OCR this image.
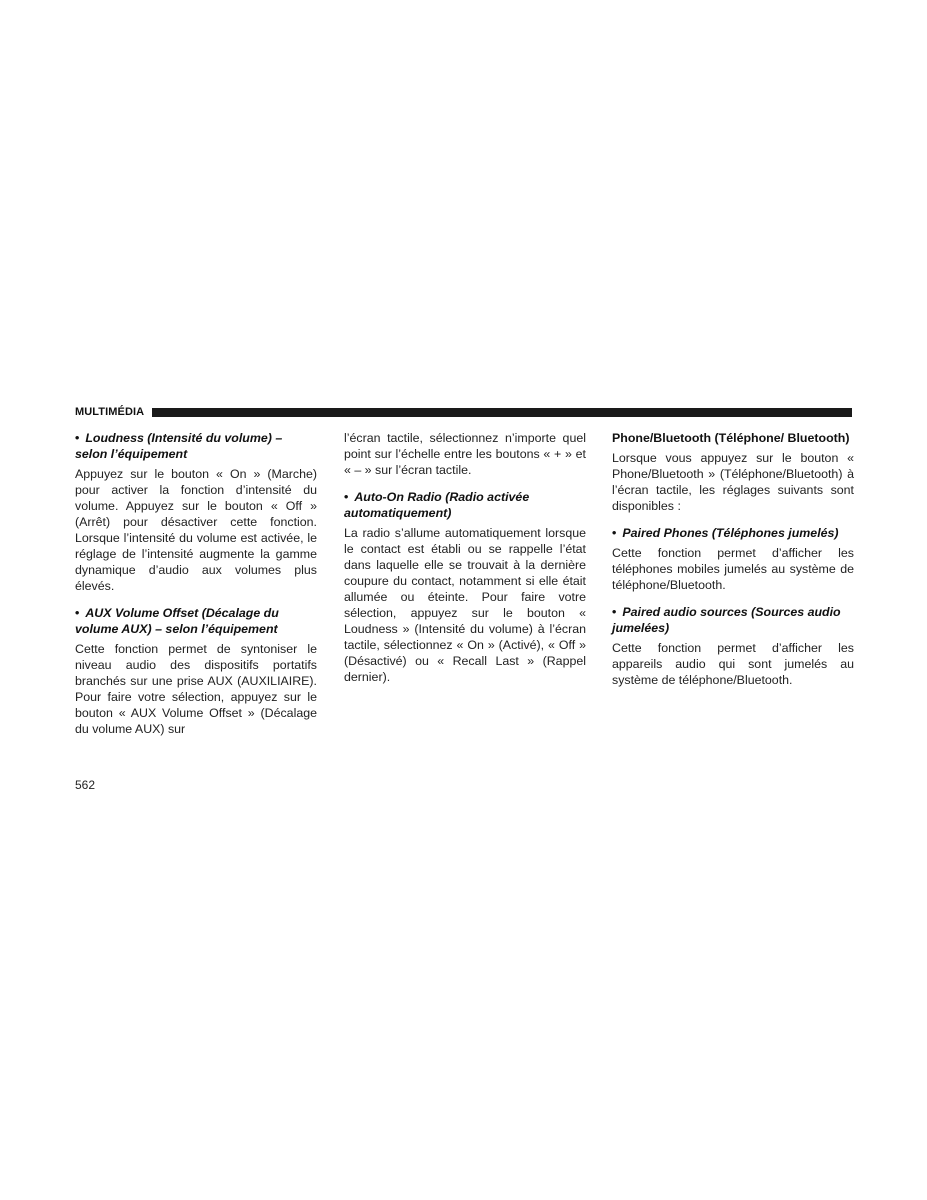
MULTIMÉDIA
• Loudness (Intensité du volume) – selon l’équipement

Appuyez sur le bouton « On » (Marche) pour activer la fonction d’intensité du volume. Appuyez sur le bouton « Off » (Arrêt) pour désactiver cette fonction. Lorsque l’intensité du volume est activée, le réglage de l’intensité augmente la gamme dynamique d’audio aux volumes plus élevés.

• AUX Volume Offset (Décalage du volume AUX) – selon l’équipement

Cette fonction permet de syntoniser le niveau audio des dispositifs portatifs branchés sur une prise AUX (AUXILIAIRE). Pour faire votre sélection, appuyez sur le bouton « AUX Volume Offset » (Décalage du volume AUX) sur

l’écran tactile, sélectionnez n’importe quel point sur l’échelle entre les boutons « + » et « – » sur l’écran tactile.

• Auto-On Radio (Radio activée automatiquement)

La radio s’allume automatiquement lorsque le contact est établi ou se rappelle l’état dans laquelle elle se trouvait à la dernière coupure du contact, notamment si elle était allumée ou éteinte. Pour faire votre sélection, appuyez sur le bouton « Loudness » (Intensité du volume) à l’écran tactile, sélectionnez « On » (Activé), « Off » (Désactivé) ou « Recall Last » (Rappel dernier).

Phone/Bluetooth (Téléphone/ Bluetooth)

Lorsque vous appuyez sur le bouton « Phone/Bluetooth » (Téléphone/Bluetooth) à l’écran tactile, les réglages suivants sont disponibles :

• Paired Phones (Téléphones jumelés)

Cette fonction permet d’afficher les téléphones mobiles jumelés au système de téléphone/Bluetooth.

• Paired audio sources (Sources audio jumelées)

Cette fonction permet d’afficher les appareils audio qui sont jumelés au système de téléphone/Bluetooth.

562
